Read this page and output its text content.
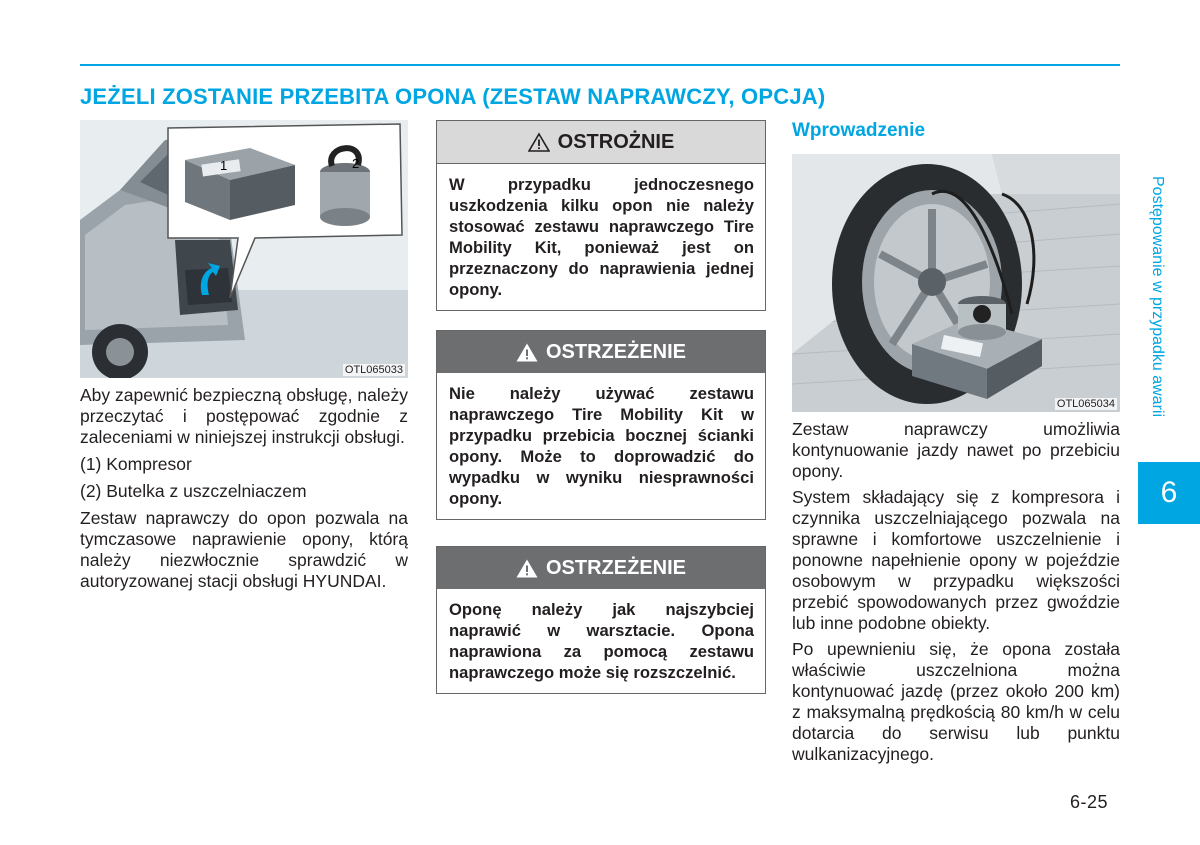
JEŻELI ZOSTANIE PRZEBITA OPONA (ZESTAW NAPRAWCZY, OPCJA)
1	2
OTL065033

Aby zapewnić bezpieczną obsługę, należy przeczytać i postępować zgodnie z zaleceniami w niniejszej instrukcji obsługi.

(1) Kompresor

(2) Butelka z uszczelniaczem

Zestaw naprawczy do opon pozwala na tymczasowe naprawienie opony, którą należy niezwłocznie sprawdzić w autoryzowanej stacji obsługi HYUNDAI.

OSTROŻNIE

W przypadku jednoczesnego uszkodzenia kilku opon nie należy stosować zestawu naprawczego Tire Mobility Kit, ponieważ jest on przeznaczony do naprawienia jednej opony.

OSTRZEŻENIE

Nie należy używać zestawu naprawczego Tire Mobility Kit w przypadku przebicia bocznej ścianki opony. Może to doprowadzić do wypadku w wyniku niesprawności opony.

OSTRZEŻENIE

Oponę należy jak najszybciej naprawić w warsztacie. Opona naprawiona za pomocą zestawu naprawczego może się rozszczelnić.

Wprowadzenie
OTL065034

Zestaw naprawczy umożliwia kontynuowanie jazdy nawet po przebiciu opony.

System składający się z kompresora i czynnika uszczelniającego pozwala na sprawne i komfortowe uszczelnienie i ponowne napełnienie opony w pojeździe osobowym w przypadku większości przebić spowodowanych przez gwoździe lub inne podobne obiekty.

Po upewnieniu się, że opona została właściwie uszczelniona można kontynuować jazdę (przez około 200 km) z maksymalną prędkością 80 km/h w celu dotarcia do serwisu lub punktu wulkanizacyjnego.

Postępowanie w przypadku awarii
6
6-25
